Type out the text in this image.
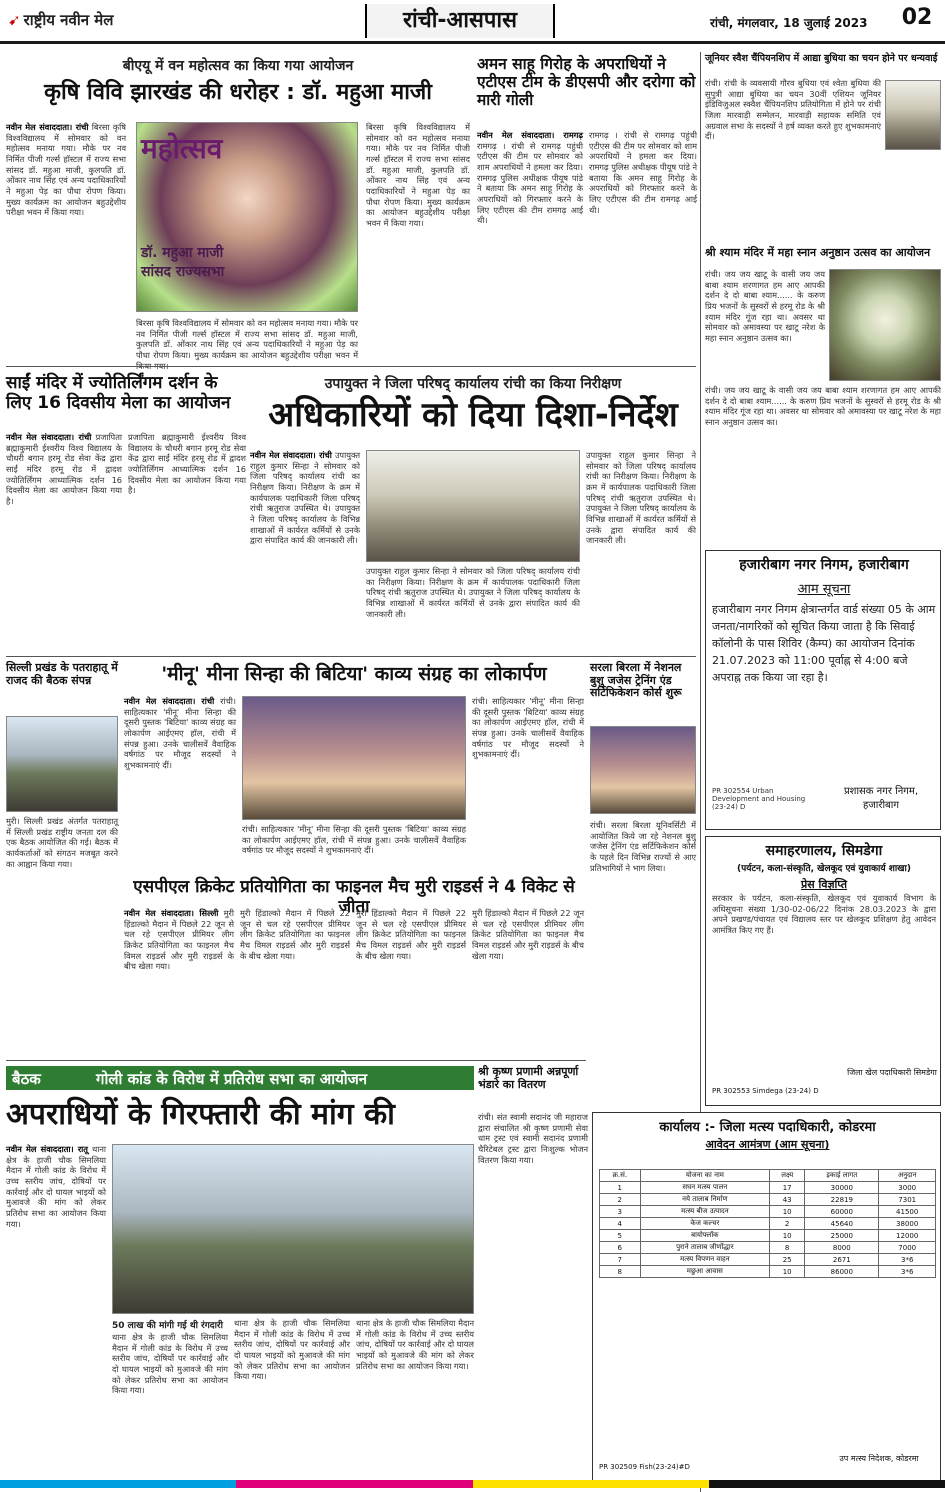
➹ राष्ट्रीय नवीन मेल	रांची-आसपास	रांची, मंगलवार, 18 जुलाई 2023	02
बीएयू में वन महोत्सव का किया गया आयोजन
कृषि विवि झारखंड की धरोहर : डॉ. महुआ माजी
नवीन मेल संवाददाता। रांची बिरसा कृषि विश्वविद्यालय में सोमवार को वन महोत्सव मनाया गया। मौके पर नव निर्मित पीजी गर्ल्स हॉस्टल में राज्य सभा सांसद डॉ. महुआ माजी, कुलपति डॉ. ओंकार नाथ सिंह एवं अन्य पदाधिकारियों ने महुआ पेड़ का पौधा रोपण किया। मुख्य कार्यक्रम का आयोजन बहुउद्देशीय परीक्षा भवन में किया गया।
महोत्सव
डॉ. महुआ माजी सांसद राज्यसभा
बिरसा कृषि विश्वविद्यालय में सोमवार को वन महोत्सव मनाया गया। मौके पर नव निर्मित पीजी गर्ल्स हॉस्टल में राज्य सभा सांसद डॉ. महुआ माजी, कुलपति डॉ. ओंकार नाथ सिंह एवं अन्य पदाधिकारियों ने महुआ पेड़ का पौधा रोपण किया। मुख्य कार्यक्रम का आयोजन बहुउद्देशीय परीक्षा भवन में किया गया।
बिरसा कृषि विश्वविद्यालय में सोमवार को वन महोत्सव मनाया गया। मौके पर नव निर्मित पीजी गर्ल्स हॉस्टल में राज्य सभा सांसद डॉ. महुआ माजी, कुलपति डॉ. ओंकार नाथ सिंह एवं अन्य पदाधिकारियों ने महुआ पेड़ का पौधा रोपण किया। मुख्य कार्यक्रम का आयोजन बहुउद्देशीय परीक्षा भवन में
अमन साहू गिरोह के अपराधियों ने एटीएस टीम के डीएसपी और दरोगा को मारी गोली
नवीन मेल संवाददाता। रामगढ़ रामगढ़ । रांची से रामगढ़ पहुंची एटीएस की टीम पर सोमवार को शाम अपराधियों ने हमला कर दिया। रामगढ़ पुलिस अधीक्षक पीयूष पांडे ने बताया कि अमन साहू गिरोह के अपराधियों को गिरफ्तार करने के लिए एटीएस की टीम रामगढ़ आई थी।
रामगढ़ । रांची से रामगढ़ पहुंची एटीएस की टीम पर सोमवार को शाम अपराधियों ने हमला कर दिया। रामगढ़ पुलिस अधीक्षक पीयूष पांडे ने बताया कि अमन साहू गिरोह के अपराधियों को गिरफ्तार करने के लिए एटीएस की टीम रामगढ़ आई थी।
जूनियर स्वैश चैंपियनशिप में आद्या बुधिया का चयन होने पर धन्यवाई
रांची। रांची के व्यवसायी गौरव बुधिया एवं श्वेता बुधिया की सुपुत्री आद्या बुधिया का चयन 30वीं एशियन जूनियर इंडिविजुअल स्क्वैश चैंपियनशिप प्रतियोगिता में होने पर रांची जिला मारवाड़ी सम्मेलन, मारवाड़ी सहायक समिति एवं अग्रवाल सभा के सदस्यों ने हर्ष व्यक्त करते हुए शुभकामनाएं दीं।
श्री श्याम मंदिर में महा स्नान अनुष्ठान उत्सव का आयोजन
रांची। जय जय खाटू के वासी जय जय बाबा श्याम शरणागत हम आए आपकी दर्शन दे दो बाबा श्याम...... के करुण प्रिय भजनों के सुस्वरों से हरमू रोड के श्री श्याम मंदिर गूंज रहा था। अवसर था सोमवार को अमावस्या पर खाटू नरेश के महा स्नान अनुष्ठान उत्सव का।
रांची। जय जय खाटू के वासी जय जय बाबा श्याम शरणागत हम आए आपकी दर्शन दे दो बाबा श्याम...... के करुण प्रिय भजनों के सुस्वरों से हरमू रोड के श्री श्याम मंदिर गूंज रहा था। अवसर था सोमवार को अमावस्या पर खाटू नरेश के महा स्नान अनुष्ठान उत्सव का।
साईं मंदिर में ज्योतिर्लिंगम दर्शन के लिए 16 दिवसीय मेला का आयोजन
नवीन मेल संवाददाता। रांची प्रजापिता ब्रह्माकुमारी ईश्वरीय विश्व विद्यालय के चौधरी बगान हरमू रोड सेवा केंद्र द्वारा साईं मंदिर हरमू रोड में द्वादश ज्योतिर्लिंगम आध्यात्मिक दर्शन 16 दिवसीय मेला का आयोजन किया गया है।
प्रजापिता ब्रह्माकुमारी ईश्वरीय विश्व विद्यालय के चौधरी बगान हरमू रोड सेवा केंद्र द्वारा साईं मंदिर हरमू रोड में द्वादश ज्योतिर्लिंगम आध्यात्मिक दर्शन 16 दिवसीय मेला का आयोजन किया गया है।
उपायुक्त ने जिला परिषद् कार्यालय रांची का किया निरीक्षण
अधिकारियों को दिया दिशा-निर्देश
नवीन मेल संवाददाता। रांची उपायुक्त राहुल कुमार सिन्हा ने सोमवार को जिला परिषद् कार्यालय रांची का निरीक्षण किया। निरीक्षण के क्रम में कार्यपालक पदाधिकारी जिला परिषद् रांची ऋतुराज उपस्थित थे। उपायुक्त ने जिला परिषद् कार्यालय के विभिन्न शाखाओं में कार्यरत कर्मियों से उनके द्वारा संपादित कार्य की जानकारी ली।
उपायुक्त राहुल कुमार सिन्हा ने सोमवार को जिला परिषद् कार्यालय रांची का निरीक्षण किया। निरीक्षण के क्रम में कार्यपालक पदाधिकारी जिला परिषद् रांची ऋतुराज उपस्थित थे। उपायुक्त ने जिला परिषद् कार्यालय के विभिन्न शाखाओं में कार्यरत कर्मियों से उनके द्वारा संपादित कार्य की जानकारी ली।
उपायुक्त राहुल कुमार सिन्हा ने सोमवार को जिला परिषद् कार्यालय रांची का निरीक्षण किया। निरीक्षण के क्रम में कार्यपालक पदाधिकारी जिला परिषद् रांची ऋतुराज उपस्थित थे। उपायुक्त ने जिला परिषद् कार्यालय के विभिन्न शाखाओं में कार्यरत कर्मियों से उनके द्वारा संपादित कार्य की जानकारी ली।
हजारीबाग नगर निगम, हजारीबाग
आम सूचना
हजारीबाग नगर निगम क्षेत्रान्तर्गत वार्ड संख्या 05 के आम जनता/नागरिकों को सूचित किया जाता है कि सिवाई कॉलोनी के पास शिविर (कैम्प) का आयोजन दिनांक 21.07.2023 को 11:00 पूर्वाह्न से 4:00 बजे अपराह्न तक किया जा रहा है।
PR 302554 Urban Development and Housing (23-24) D
प्रशासक नगर निगम, हजारीबाग
सिल्ली प्रखंड के पतराहातू में राजद की बैठक संपन्न
मुरी। सिल्ली प्रखंड अंतर्गत पतराहातू में सिल्ली प्रखंड राष्ट्रीय जनता दल की एक बैठक आयोजित की गई। बैठक में कार्यकर्ताओं को संगठन मजबूत करने का आह्वान किया गया।
'मीनू' मीना सिन्हा की बिटिया' काव्य संग्रह का लोकार्पण
नवीन मेल संवाददाता। रांची रांची। साहित्यकार 'मीनू' मीना सिन्हा की दूसरी पुस्तक 'बिटिया' काव्य संग्रह का लोकार्पण आईएमए हॉल, रांची में संपन्न हुआ। उनके चालीसवें वैवाहिक वर्षगांठ पर मौजूद सदस्यों ने शुभकामनाएं दीं।
रांची। साहित्यकार 'मीनू' मीना सिन्हा की दूसरी पुस्तक 'बिटिया' काव्य संग्रह का लोकार्पण आईएमए हॉल, रांची में संपन्न हुआ। उनके चालीसवें वैवाहिक वर्षगांठ पर मौजूद सदस्यों ने शुभकामनाएं दीं।
रांची। साहित्यकार 'मीनू' मीना सिन्हा की दूसरी पुस्तक 'बिटिया' काव्य संग्रह का लोकार्पण आईएमए हॉल, रांची में संपन्न हुआ। उनके चालीसवें वैवाहिक वर्षगांठ पर मौजूद सदस्यों ने शुभकामनाएं दीं।
सरला बिरला में नेशनल बुशु जजेस ट्रेनिंग एंड सर्टिफिकेशन कोर्स शुरू
रांची। सरला बिरला यूनिवर्सिटी में आयोजित किये जा रहे नेशनल बुशु जजेस ट्रेनिंग एंड सर्टिफिकेशन कोर्स के पहले दिन विभिन्न राज्यों से आए प्रतिभागियों ने भाग लिया।
एसपीएल क्रिकेट प्रतियोगिता का फाइनल मैच मुरी राइडर्स ने 4 विकेट से जीता
नवीन मेल संवाददाता। सिल्ली मुरी हिंडाल्को मैदान में पिछले 22 जून से चल रहे एसपीएल प्रीमियर लीग क्रिकेट प्रतियोगिता का फाइनल मैच विमल राइडर्स और मुरी राइडर्स के बीच खेला गया।
मुरी हिंडाल्को मैदान में पिछले 22 जून से चल रहे एसपीएल प्रीमियर लीग क्रिकेट प्रतियोगिता का फाइनल मैच विमल राइडर्स और मुरी राइडर्स के बीच खेला गया।
मुरी हिंडाल्को मैदान में पिछले 22 जून से चल रहे एसपीएल प्रीमियर लीग क्रिकेट प्रतियोगिता का फाइनल मैच विमल राइडर्स और मुरी राइडर्स के बीच खेला गया।
मुरी हिंडाल्को मैदान में पिछले 22 जून से चल रहे एसपीएल प्रीमियर लीग क्रिकेट प्रतियोगिता का फाइनल मैच विमल राइडर्स और मुरी राइडर्स के बीच खेला गया।
समाहरणालय, सिमडेगा
(पर्यटन, कला-संस्कृति, खेलकूद एवं युवाकार्य शाखा)
प्रेस विज्ञप्ति
सरकार के पर्यटन, कला-संस्कृति, खेलकूद एवं युवाकार्य विभाग के अधिसूचना संख्या 1/30-02-06/22 दिनांक 28.03.2023 के द्वारा अपने प्रखण्ड/पंचायत एवं विद्यालय स्तर पर खेलकूद प्रशिक्षण हेतु आवेदन आमंत्रित किए गए हैं।
PR 302553 Simdega (23-24) D
जिला खेल पदाधिकारी सिमडेगा
बैठक	गोली कांड के विरोध में प्रतिरोध सभा का आयोजन
अपराधियों के गिरफ्तारी की मांग की
नवीन मेल संवाददाता। रातू थाना क्षेत्र के हाजी चौक सिमलिया मैदान में गोली कांड के विरोध में उच्च स्तरीय जांच, दोषियों पर कार्रवाई और दो घायल भाइयों को मुआवजे की मांग को लेकर प्रतिरोध सभा का आयोजन किया गया।
50 लाख की मांगी गई थी रंगदारी
थाना क्षेत्र के हाजी चौक सिमलिया मैदान में गोली कांड के विरोध में उच्च स्तरीय जांच, दोषियों पर कार्रवाई और दो घायल भाइयों को मुआवजे की मांग को लेकर प्रतिरोध सभा का आयोजन किया गया।
थाना क्षेत्र के हाजी चौक सिमलिया मैदान में गोली कांड के विरोध में उच्च स्तरीय जांच, दोषियों पर कार्रवाई और दो घायल भाइयों को मुआवजे की मांग को लेकर प्रतिरोध सभा का आयोजन किया गया।
थाना क्षेत्र के हाजी चौक सिमलिया मैदान में गोली कांड के विरोध में उच्च स्तरीय जांच, दोषियों पर कार्रवाई और दो घायल भाइयों को मुआवजे की मांग को लेकर प्रतिरोध सभा का आयोजन किया गया।
श्री कृष्ण प्रणामी अन्नपूर्णा भंडारे का वितरण
रांची। संत स्वामी सदानंद जी महाराज द्वारा संचालित श्री कृष्ण प्रणामी सेवा धाम ट्रस्ट एवं स्वामी सदानंद प्रणामी चैरिटेबल ट्रस्ट द्वारा निःशुल्क भोजन वितरण किया गया।
कार्यालय :- जिला मत्स्य पदाधिकारी, कोडरमा
आवेदन आमंत्रण (आम सूचना)
क्र.सं.	योजना का नाम	लक्ष्य	इकाई लागत	अनुदान
1	सघन मत्स्य पालन	17	30000	3000
2	नये तालाब निर्माण	43	22819	7301
3	मत्स्य बीज उत्पादन	10	60000	41500
4	केज कल्चर	2	45640	38000
5	बायोफ्लॉक	10	25000	12000
6	पुराने तालाब जीर्णोद्धार	8	8000	7000
7	मत्स्य विपणन वाहन	25	2671	3*6
8	मछुआ आवास	10	86000	3*6
PR 302509 Fish(23-24)#D
उप मत्स्य निदेशक, कोडरमा
